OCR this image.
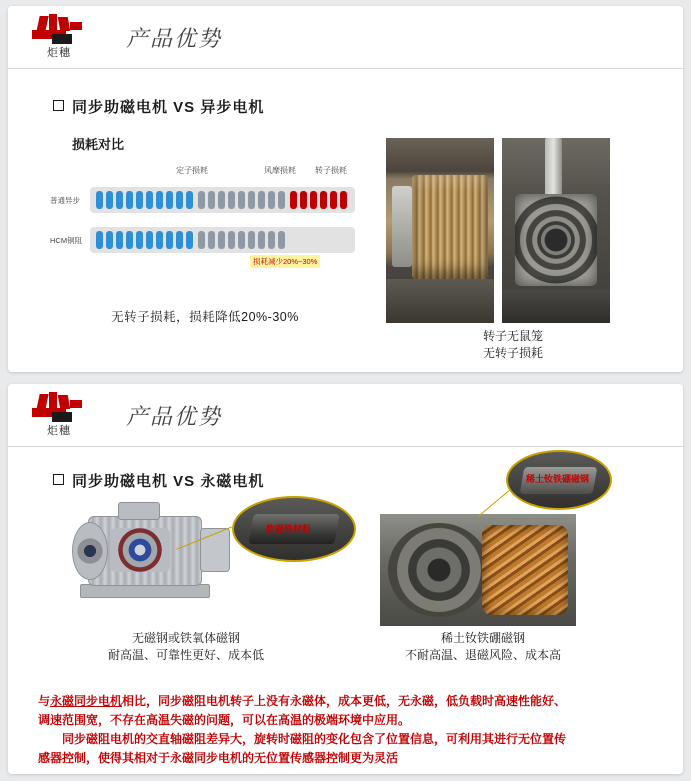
炬穗
产品优势
同步助磁电机 VS 异步电机
损耗对比
定子损耗	风摩损耗 转子损耗
普通异步
HCM铜阻
损耗减少20%~30%
无转子损耗，损耗降低20%-30%
转子无鼠笼
无转子损耗
炬穗
产品优势
同步助磁电机 VS 永磁电机
软磁铁材料
无磁钢或铁氧体磁钢
耐高温、可靠性更好、成本低
稀土钕铁硼磁钢
稀土钕铁硼磁钢
不耐高温、退磁风险、成本高

与永磁同步电机相比，同步磁阻电机转子上没有永磁体，成本更低，无永磁，低负载时高速性能好、

调速范围宽，不存在高温失磁的问题，可以在高温的极端环境中应用。

同步磁阻电机的交直轴磁阻差异大，旋转时磁阻的变化包含了位置信息，可利用其进行无位置传

感器控制，使得其相对于永磁同步电机的无位置传感器控制更为灵活
